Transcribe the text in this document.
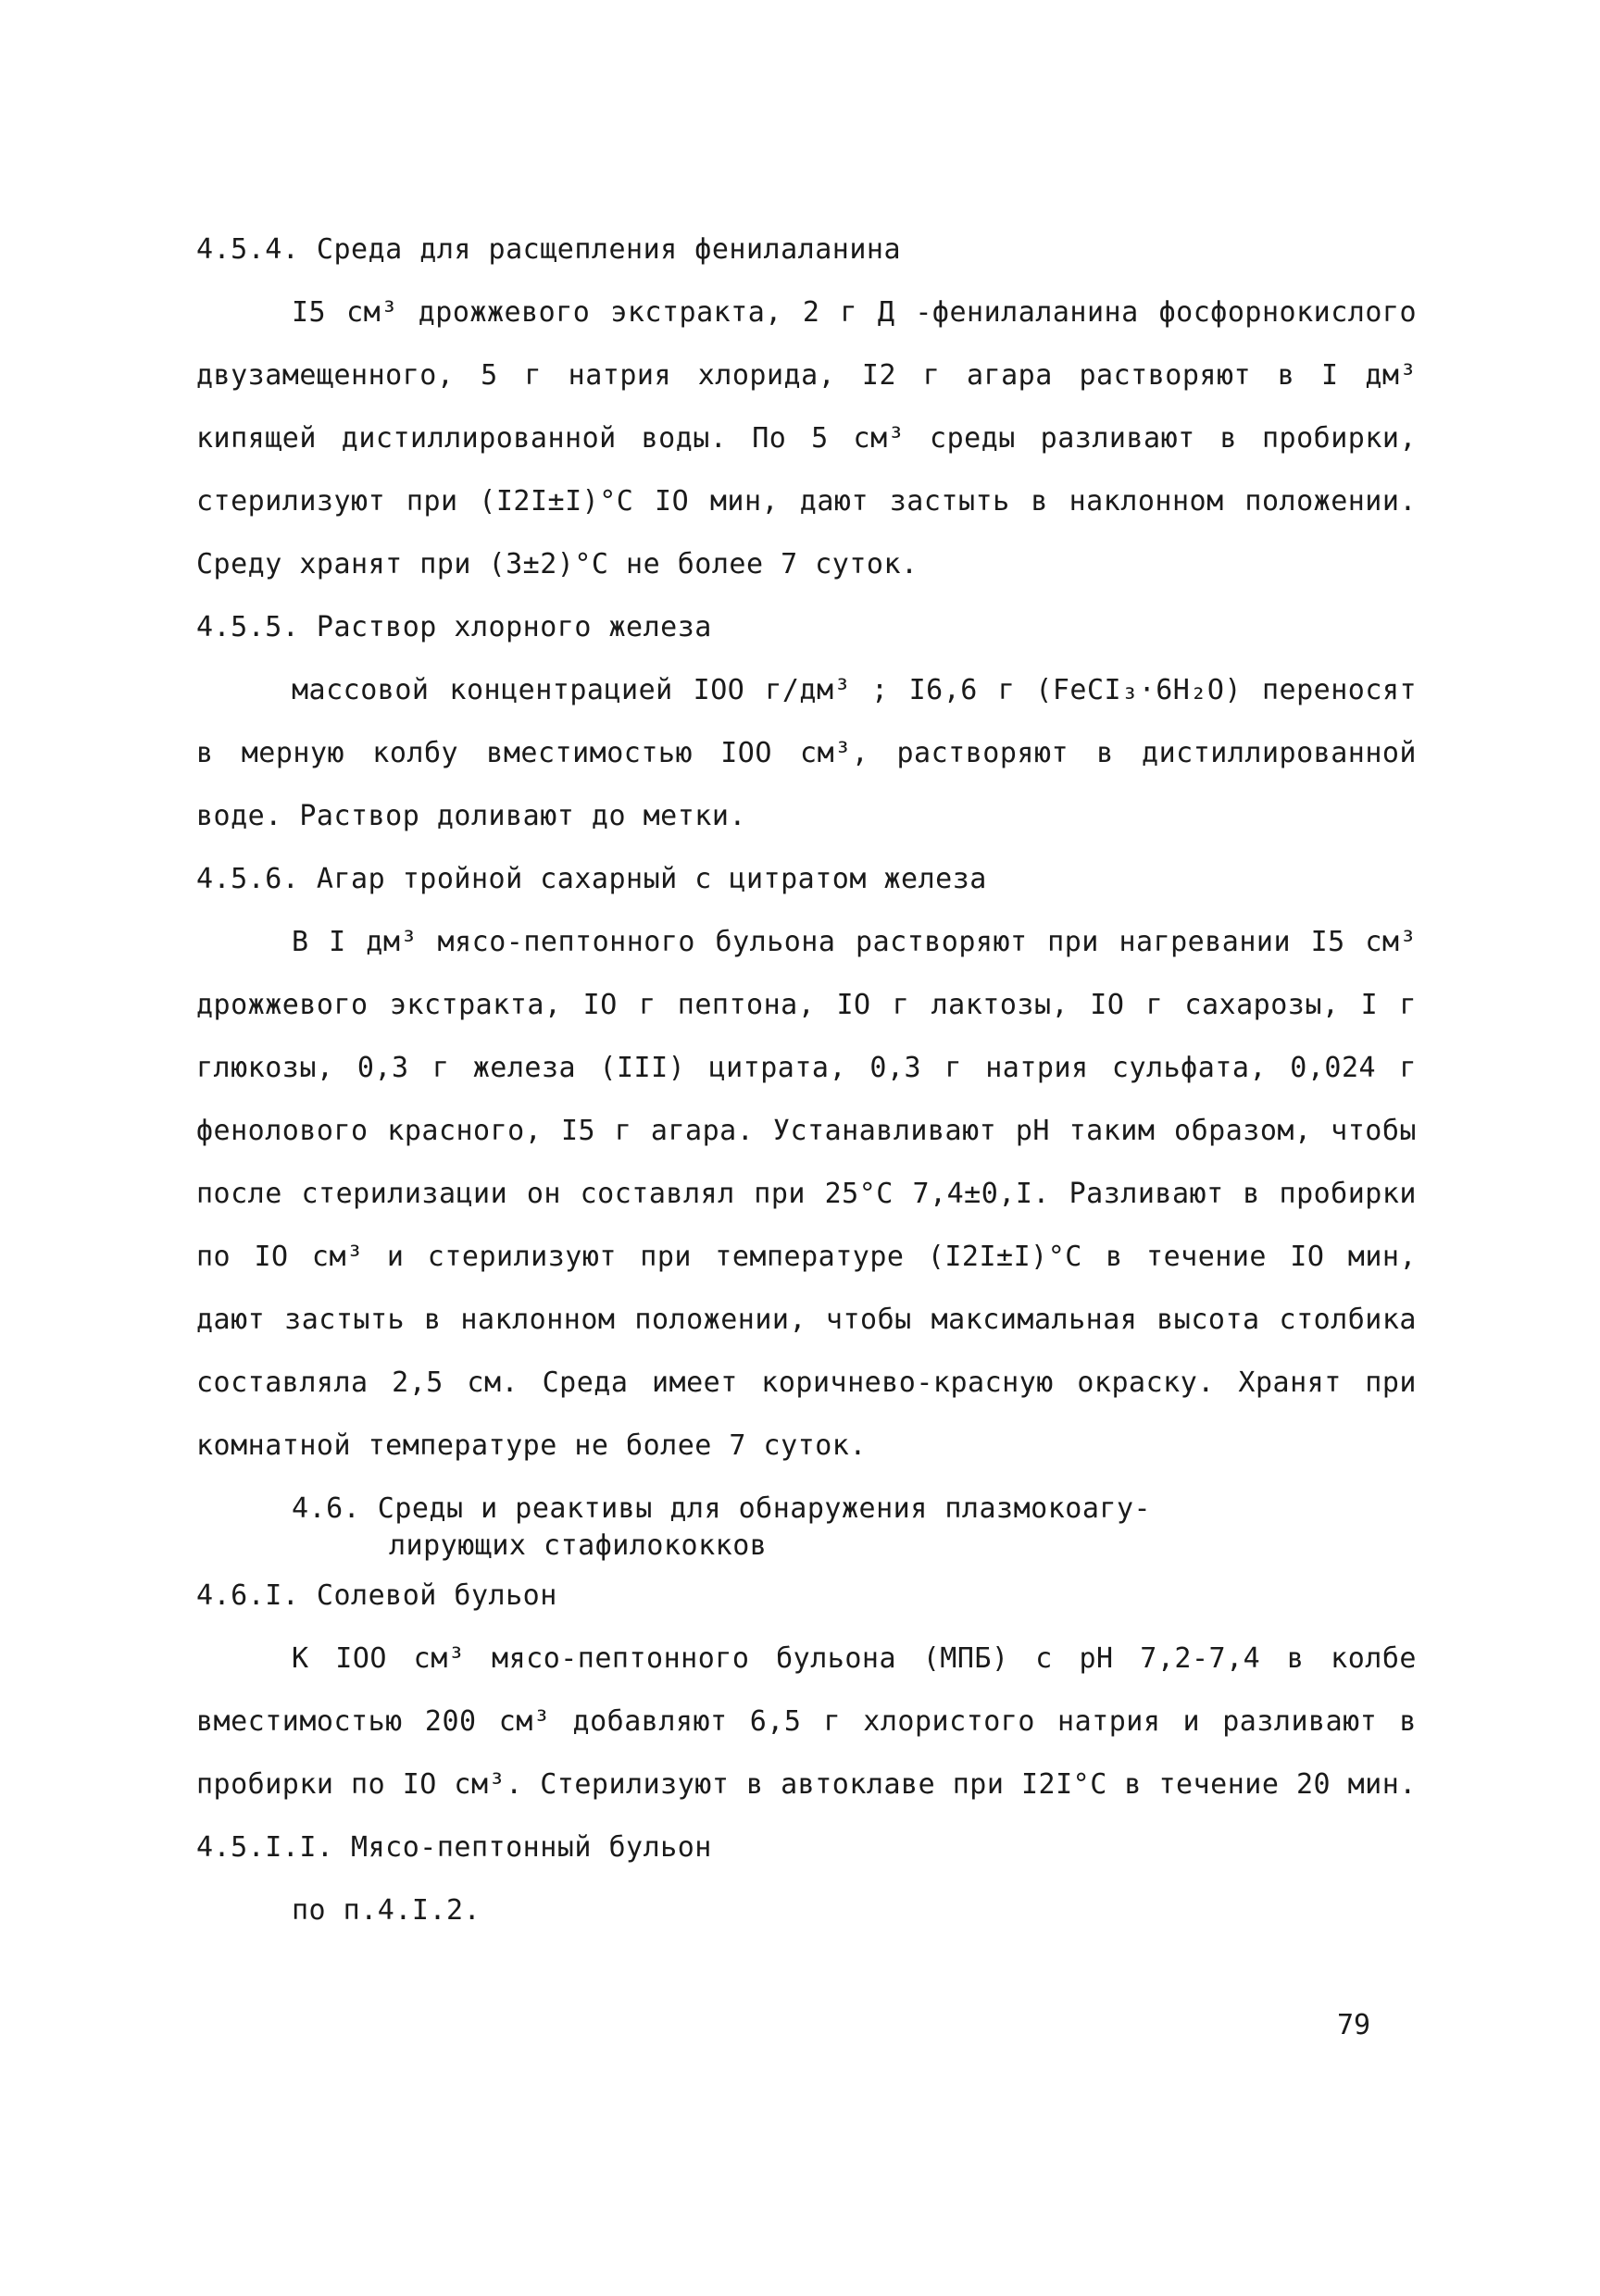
4.5.4. Среда для расщепления фенилаланина

I5 см³ дрожжевого экстракта, 2 г Д -фенилаланина фосфорнокислого двузамещенного, 5 г натрия хлорида, I2 г агара растворяют в I дм³ кипящей дистиллированной воды. По 5 см³ среды разливают в пробирки, стерилизуют при (I2I±I)°С IО мин, дают застыть в наклонном положении. Среду хранят при (3±2)°С не более 7 суток.

4.5.5. Раствор хлорного железа

массовой концентрацией IOO г/дм³ ; I6,6 г (FeCI₃·6H₂O) переносят в мерную колбу вместимостью IOO см³, растворяют в дистиллированной воде. Раствор доливают до метки.

4.5.6. Агар тройной сахарный с цитратом железа

В I дм³ мясо-пептонного бульона растворяют при нагревании I5 см³ дрожжевого экстракта, IO г пептона, IO г лактозы, IO г сахарозы, I г глюкозы, 0,3 г железа (III) цитрата, 0,3 г натрия сульфата, 0,024 г фенолового красного, I5 г агара. Устанавливают рН таким образом, чтобы после стерилизации он составлял при 25°С 7,4±0,I. Разливают в пробирки по IO см³ и стерилизуют при температуре (I2I±I)°С в течение IO мин, дают застыть в наклонном положении, чтобы максимальная высота столбика составляла 2,5 см. Среда имеет коричнево-красную окраску. Хранят при комнатной температуре не более 7 суток.

4.6. Среды и реактивы для обнаружения плазмокоагу-
лирующих стафилококков

4.6.I. Солевой бульон

К IOO см³ мясо-пептонного бульона (МПБ) с рН 7,2-7,4 в колбе вместимостью 200 см³ добавляют 6,5 г хлористого натрия и разливают в пробирки по IO см³. Стерилизуют в автоклаве при I2I°С в течение 20 мин.

4.5.I.I. Мясо-пептонный бульон

по п.4.I.2.

79
